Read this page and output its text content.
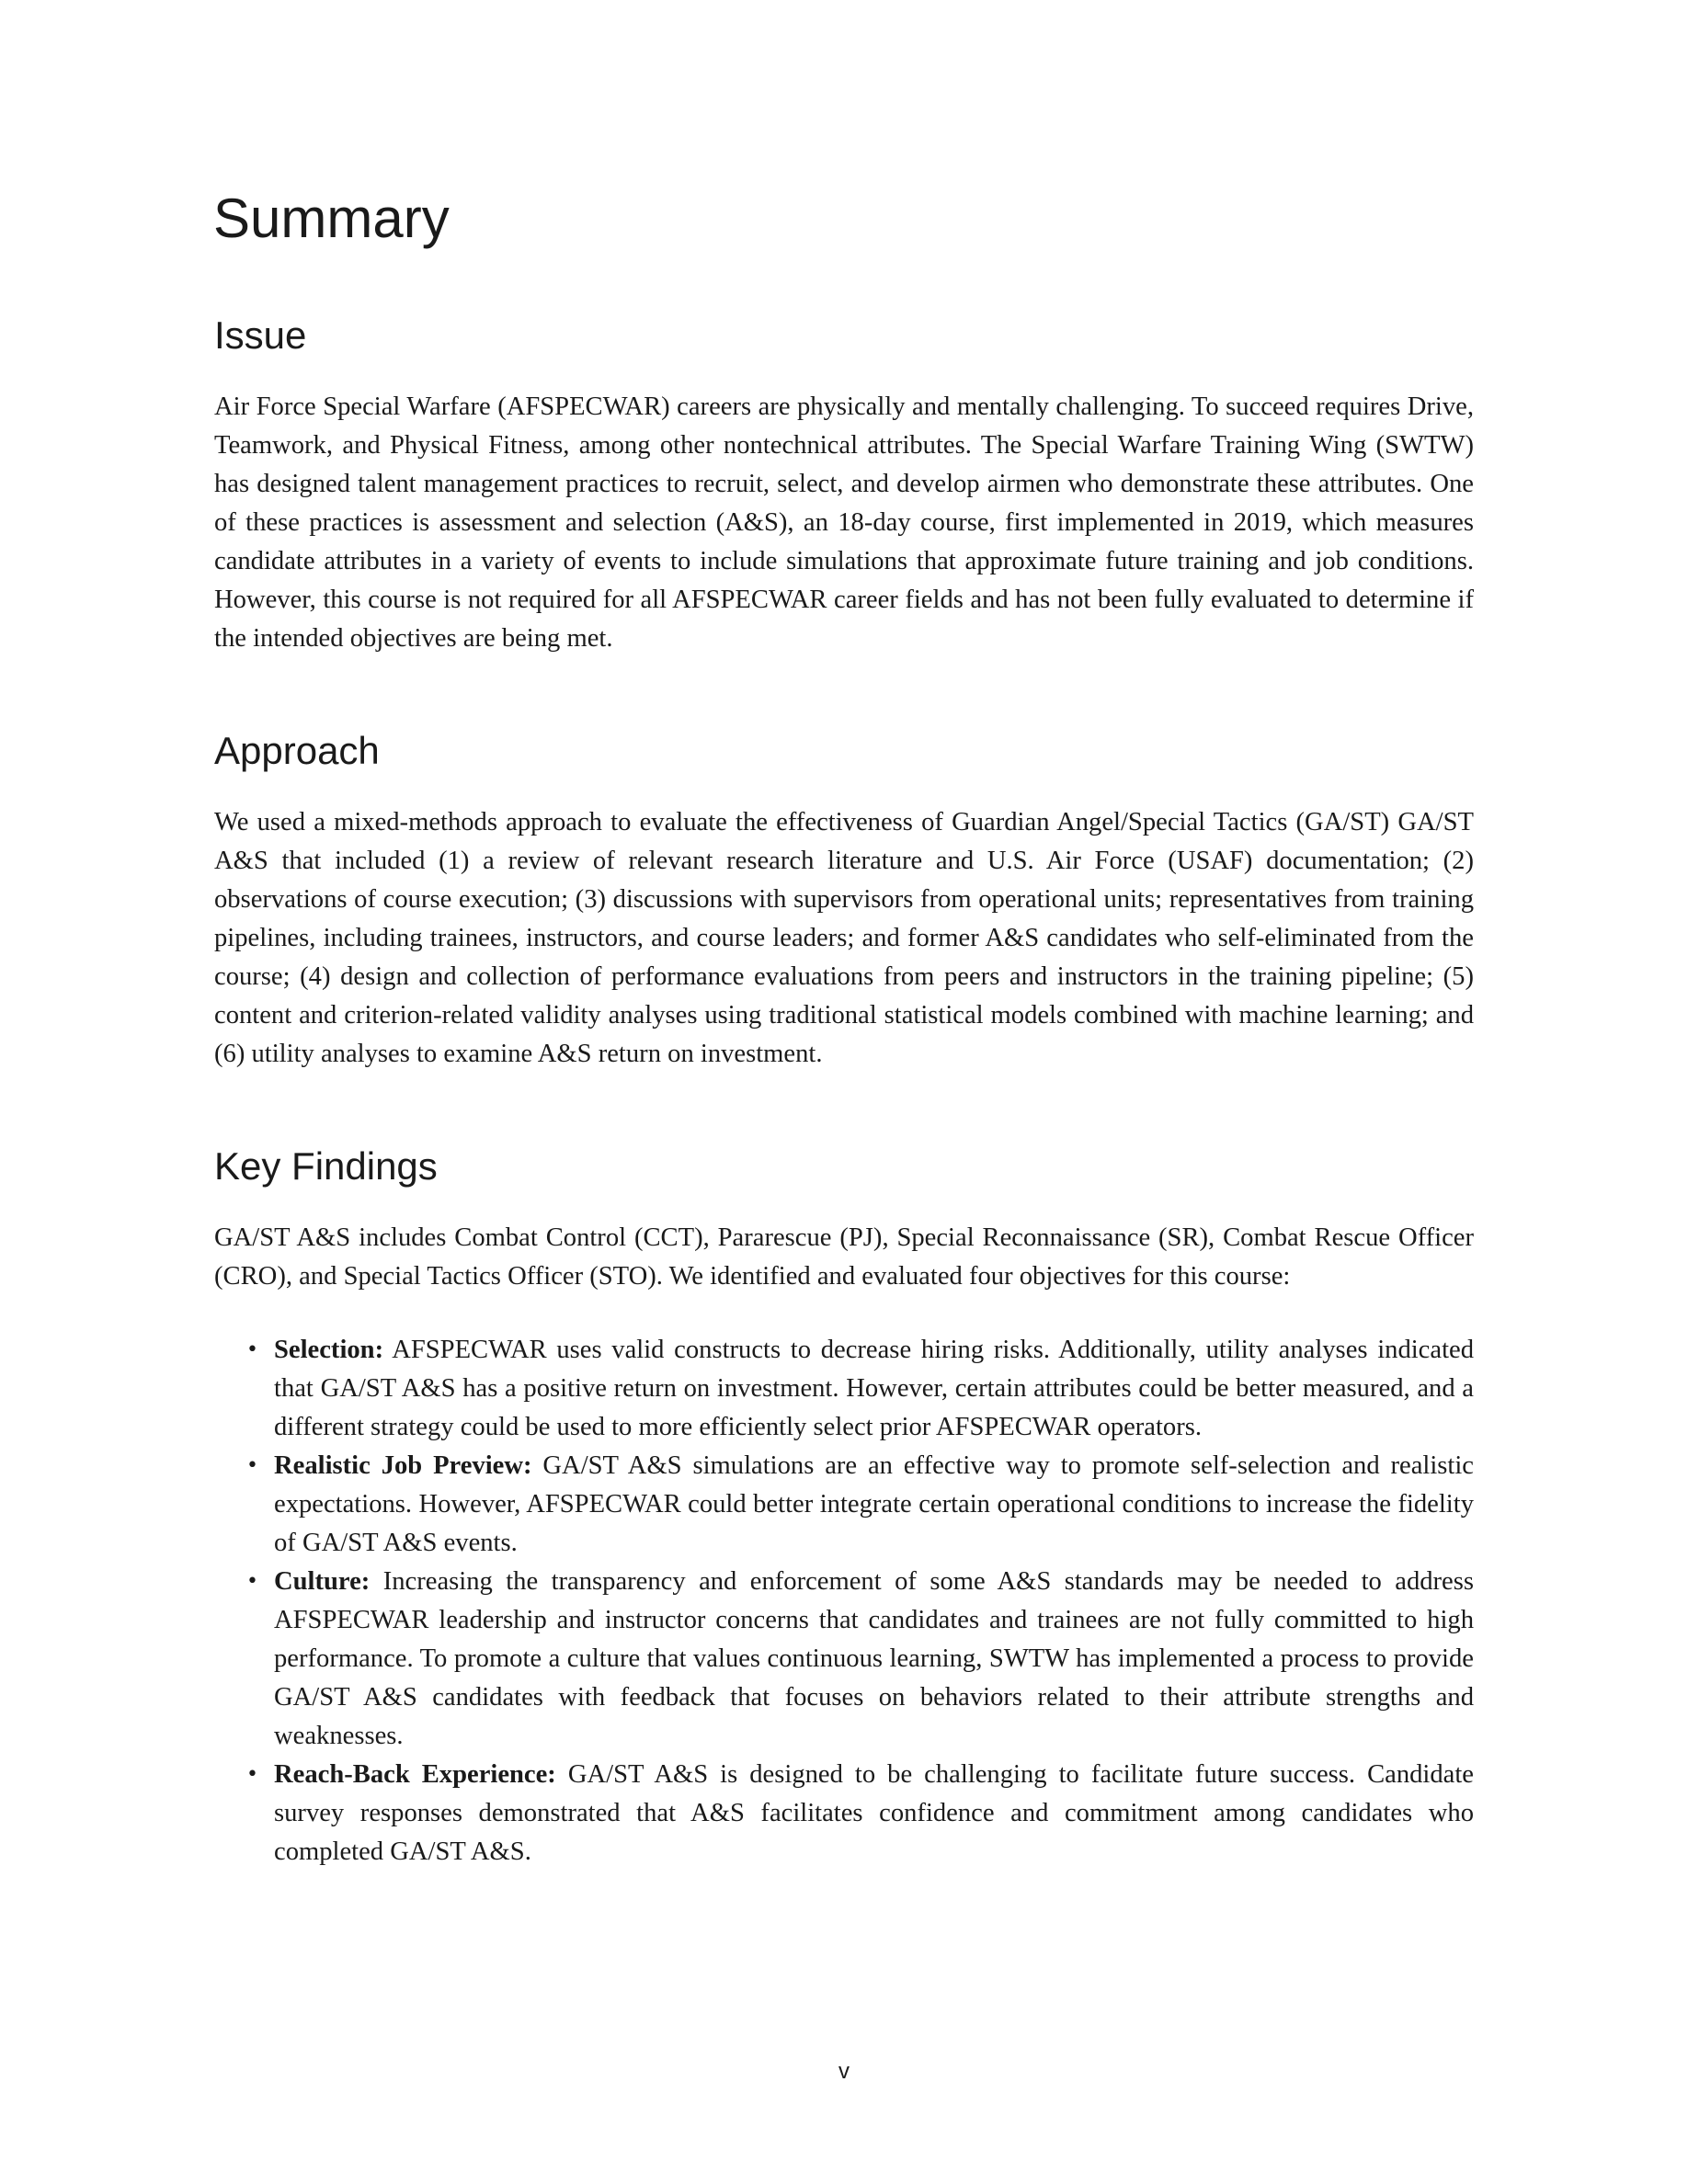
Summary
Issue

Air Force Special Warfare (AFSPECWAR) careers are physically and mentally challenging. To succeed requires Drive, Teamwork, and Physical Fitness, among other nontechnical attributes. The Special Warfare Training Wing (SWTW) has designed talent management practices to recruit, select, and develop airmen who demonstrate these attributes. One of these practices is assessment and selection (A&S), an 18-day course, first implemented in 2019, which measures candidate attributes in a variety of events to include simulations that approximate future training and job conditions. However, this course is not required for all AFSPECWAR career fields and has not been fully evaluated to determine if the intended objectives are being met.

Approach

We used a mixed-methods approach to evaluate the effectiveness of Guardian Angel/Special Tactics (GA/ST) GA/ST A&S that included (1) a review of relevant research literature and U.S. Air Force (USAF) documentation; (2) observations of course execution; (3) discussions with supervisors from operational units; representatives from training pipelines, including trainees, instructors, and course leaders; and former A&S candidates who self-eliminated from the course; (4) design and collection of performance evaluations from peers and instructors in the training pipeline; (5) content and criterion-related validity analyses using traditional statistical models combined with machine learning; and (6) utility analyses to examine A&S return on investment.

Key Findings

GA/ST A&S includes Combat Control (CCT), Pararescue (PJ), Special Reconnaissance (SR), Combat Rescue Officer (CRO), and Special Tactics Officer (STO). We identified and evaluated four objectives for this course:

• Selection: AFSPECWAR uses valid constructs to decrease hiring risks. Additionally, utility analyses indicated that GA/ST A&S has a positive return on investment. However, certain attributes could be better measured, and a different strategy could be used to more efficiently select prior AFSPECWAR operators.
• Realistic Job Preview: GA/ST A&S simulations are an effective way to promote self-selection and realistic expectations. However, AFSPECWAR could better integrate certain operational conditions to increase the fidelity of GA/ST A&S events.
• Culture: Increasing the transparency and enforcement of some A&S standards may be needed to address AFSPECWAR leadership and instructor concerns that candidates and trainees are not fully committed to high performance. To promote a culture that values continuous learning, SWTW has implemented a process to provide GA/ST A&S candidates with feedback that focuses on behaviors related to their attribute strengths and weaknesses.
• Reach-Back Experience: GA/ST A&S is designed to be challenging to facilitate future success. Candidate survey responses demonstrated that A&S facilitates confidence and commitment among candidates who completed GA/ST A&S.
v
